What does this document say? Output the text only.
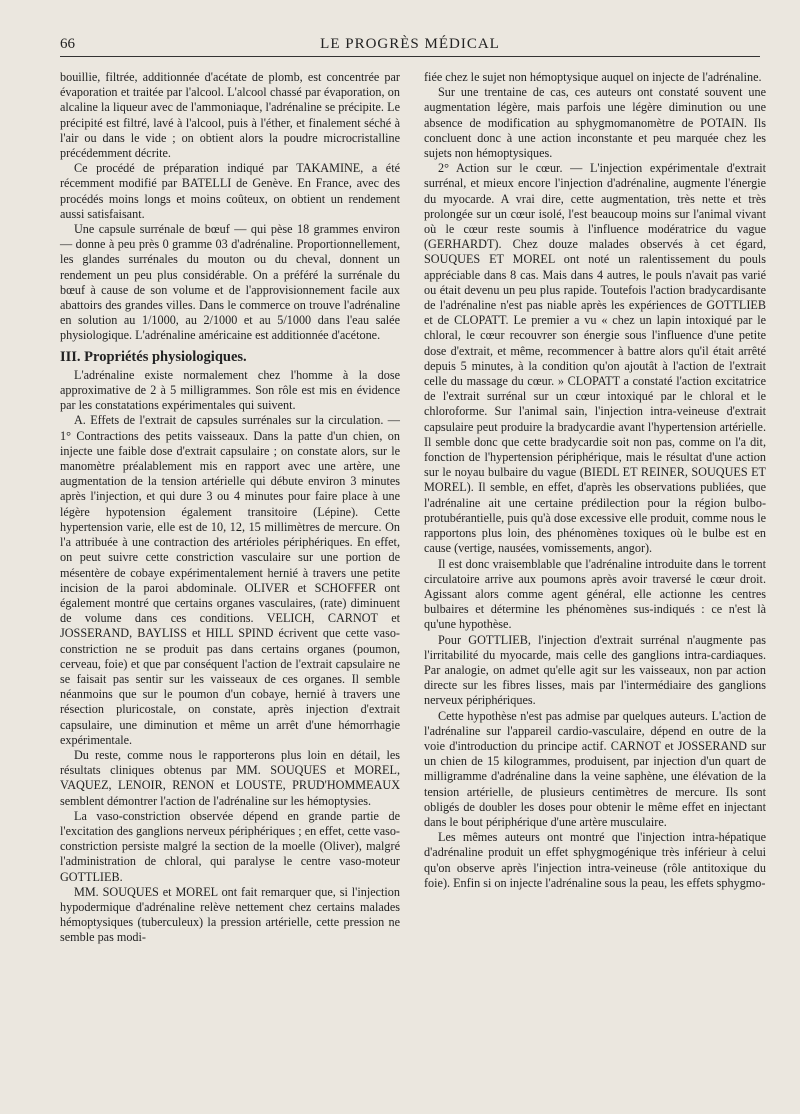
66	LE PROGRÈS MÉDICAL

bouillie, filtrée, additionnée d'acétate de plomb, est concentrée par évaporation et traitée par l'alcool. L'alcool chassé par évaporation, on alcaline la liqueur avec de l'ammoniaque, l'adrénaline se précipite. Le précipité est filtré, lavé à l'alcool, puis à l'éther, et finalement séché à l'air ou dans le vide ; on obtient alors la poudre microcristalline précédemment décrite.

Ce procédé de préparation indiqué par TAKAMINE, a été récemment modifié par BATELLI de Genève. En France, avec des procédés moins longs et moins coûteux, on obtient un rendement aussi satisfaisant.

Une capsule surrénale de bœuf — qui pèse 18 grammes environ — donne à peu près 0 gramme 03 d'adrénaline. Proportionnellement, les glandes surrénales du mouton ou du cheval, donnent un rendement un peu plus considérable. On a préféré la surrénale du bœuf à cause de son volume et de l'approvisionnement facile aux abattoirs des grandes villes. Dans le commerce on trouve l'adrénaline en solution au 1/1000, au 2/1000 et au 5/1000 dans l'eau salée physiologique. L'adrénaline américaine est additionnée d'acétone.

III. Propriétés physiologiques.

L'adrénaline existe normalement chez l'homme à la dose approximative de 2 à 5 milligrammes. Son rôle est mis en évidence par les constatations expérimentales qui suivent.

A. Effets de l'extrait de capsules surrénales sur la circulation. — 1° Contractions des petits vaisseaux. Dans la patte d'un chien, on injecte une faible dose d'extrait capsulaire ; on constate alors, sur le manomètre préalablement mis en rapport avec une artère, une augmentation de la tension artérielle qui débute environ 3 minutes après l'injection, et qui dure 3 ou 4 minutes pour faire place à une légère hypotension également transitoire (Lépine). Cette hypertension varie, elle est de 10, 12, 15 millimètres de mercure. On l'a attribuée à une contraction des artérioles périphériques. En effet, on peut suivre cette constriction vasculaire sur une portion de mésentère de cobaye expérimentalement hernié à travers une petite incision de la paroi abdominale. OLIVER et SCHOFFER ont également montré que certains organes vasculaires, (rate) diminuent de volume dans ces conditions. VELICH, CARNOT et JOSSERAND, BAYLISS et HILL SPIND écrivent que cette vaso-constriction ne se produit pas dans certains organes (poumon, cerveau, foie) et que par conséquent l'action de l'extrait capsulaire ne se faisait pas sentir sur les vaisseaux de ces organes. Il semble néanmoins que sur le poumon d'un cobaye, hernié à travers une résection pluricostale, on constate, après injection d'extrait capsulaire, une diminution et même un arrêt d'une hémorrhagie expérimentale.

Du reste, comme nous le rapporterons plus loin en détail, les résultats cliniques obtenus par MM. SOUQUES et MOREL, VAQUEZ, LENOIR, RENON et LOUSTE, PRUD'HOMMEAUX semblent démontrer l'action de l'adrénaline sur les hémoptysies.

La vaso-constriction observée dépend en grande partie de l'excitation des ganglions nerveux périphériques ; en effet, cette vaso-constriction persiste malgré la section de la moelle (Oliver), malgré l'administration de chloral, qui paralyse le centre vaso-moteur GOTTLIEB.

MM. SOUQUES et MOREL ont fait remarquer que, si l'injection hypodermique d'adrénaline relève nettement chez certains malades hémoptysiques (tuberculeux) la pression artérielle, cette pression ne semble pas modi-

fiée chez le sujet non hémoptysique auquel on injecte de l'adrénaline.

Sur une trentaine de cas, ces auteurs ont constaté souvent une augmentation légère, mais parfois une légère diminution ou une absence de modification au sphygmomanomètre de POTAIN. Ils concluent donc à une action inconstante et peu marquée chez les sujets non hémoptysiques.

2° Action sur le cœur. — L'injection expérimentale d'extrait surrénal, et mieux encore l'injection d'adrénaline, augmente l'énergie du myocarde. A vrai dire, cette augmentation, très nette et très prolongée sur un cœur isolé, l'est beaucoup moins sur l'animal vivant où le cœur reste soumis à l'influence modératrice du vague (GERHARDT). Chez douze malades observés à cet égard, SOUQUES ET MOREL ont noté un ralentissement du pouls appréciable dans 8 cas. Mais dans 4 autres, le pouls n'avait pas varié ou était devenu un peu plus rapide. Toutefois l'action bradycardisante de l'adrénaline n'est pas niable après les expériences de GOTTLIEB et de CLOPATT. Le premier a vu « chez un lapin intoxiqué par le chloral, le cœur recouvrer son énergie sous l'influence d'une petite dose d'extrait, et même, recommencer à battre alors qu'il était arrêté depuis 5 minutes, à la condition qu'on ajoutât à l'action de l'extrait celle du massage du cœur. » CLOPATT a constaté l'action excitatrice de l'extrait surrénal sur un cœur intoxiqué par le chloral et le chloroforme. Sur l'animal sain, l'injection intra-veineuse d'extrait capsulaire peut produire la bradycardie avant l'hypertension artérielle. Il semble donc que cette bradycardie soit non pas, comme on l'a dit, fonction de l'hypertension périphérique, mais le résultat d'une action sur le noyau bulbaire du vague (BIEDL ET REINER, SOUQUES ET MOREL). Il semble, en effet, d'après les observations publiées, que l'adrénaline ait une certaine prédilection pour la région bulbo-protubérantielle, puis qu'à dose excessive elle produit, comme nous le rapportons plus loin, des phénomènes toxiques où le bulbe est en cause (vertige, nausées, vomissements, angor).

Il est donc vraisemblable que l'adrénaline introduite dans le torrent circulatoire arrive aux poumons après avoir traversé le cœur droit. Agissant alors comme agent général, elle actionne les centres bulbaires et détermine les phénomènes sus-indiqués : ce n'est là qu'une hypothèse.

Pour GOTTLIEB, l'injection d'extrait surrénal n'augmente pas l'irritabilité du myocarde, mais celle des ganglions intra-cardiaques. Par analogie, on admet qu'elle agit sur les vaisseaux, non par action directe sur les fibres lisses, mais par l'intermédiaire des ganglions nerveux périphériques.

Cette hypothèse n'est pas admise par quelques auteurs. L'action de l'adrénaline sur l'appareil cardio-vasculaire, dépend en outre de la voie d'introduction du principe actif. CARNOT et JOSSERAND sur un chien de 15 kilogrammes, produisent, par injection d'un quart de milligramme d'adrénaline dans la veine saphène, une élévation de la tension artérielle, de plusieurs centimètres de mercure. Ils sont obligés de doubler les doses pour obtenir le même effet en injectant dans le bout périphérique d'une artère musculaire.

Les mêmes auteurs ont montré que l'injection intra-hépatique d'adrénaline produit un effet sphygmogénique très inférieur à celui qu'on observe après l'injection intra-veineuse (rôle antitoxique du foie). Enfin si on injecte l'adrénaline sous la peau, les effets sphygmo-
